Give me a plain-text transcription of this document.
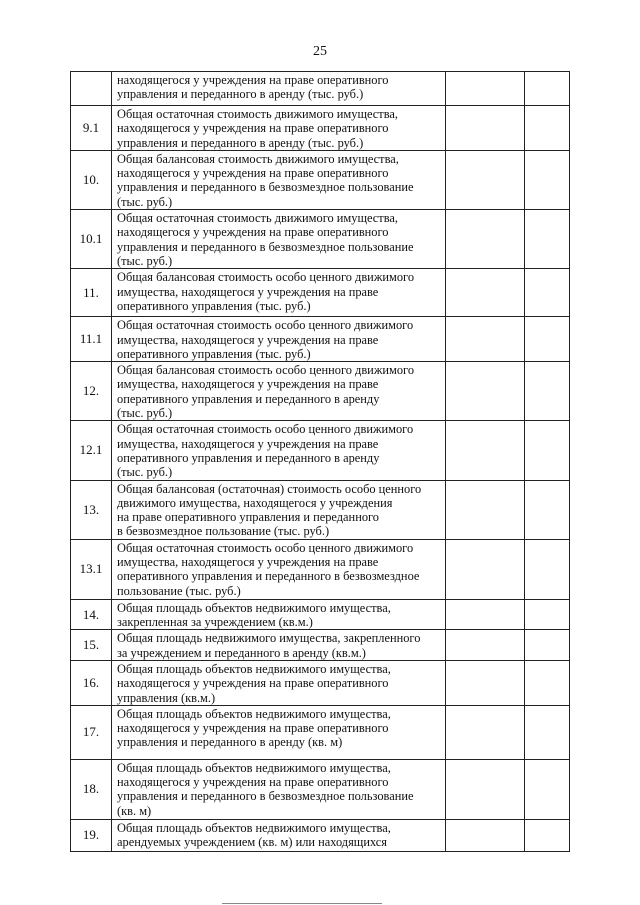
25

	находящегося у учреждения на праве оперативного
управления и переданного в аренду (тыс. руб.)		

9.1	Общая остаточная стоимость движимого имущества,
находящегося у учреждения на праве оперативного
управления и переданного в аренду (тыс. руб.)		

10.	Общая балансовая стоимость движимого имущества,
находящегося у учреждения на праве оперативного
управления и переданного в безвозмездное пользование
(тыс. руб.)		

10.1	Общая остаточная стоимость движимого имущества,
находящегося у учреждения на праве оперативного
управления и переданного в безвозмездное пользование
(тыс. руб.)		

11.	Общая балансовая стоимость особо ценного движимого
имущества, находящегося у учреждения на праве
оперативного управления (тыс. руб.)		

11.1	Общая остаточная стоимость особо ценного движимого
имущества, находящегося у учреждения на праве
оперативного управления (тыс. руб.)		

12.	Общая балансовая стоимость особо ценного движимого
имущества, находящегося у учреждения на праве
оперативного управления и переданного в аренду
(тыс. руб.)		

12.1	Общая остаточная стоимость особо ценного движимого
имущества, находящегося у учреждения на праве
оперативного управления и переданного в аренду
(тыс. руб.)		

13.	Общая балансовая (остаточная) стоимость особо ценного
движимого имущества, находящегося у учреждения
на праве оперативного управления и переданного
в безвозмездное пользование (тыс. руб.)		

13.1	Общая остаточная стоимость особо ценного движимого
имущества, находящегося у учреждения на праве
оперативного управления и переданного в безвозмездное
пользование (тыс. руб.)		

14.	Общая площадь объектов недвижимого имущества,
закрепленная за учреждением (кв.м.)		

15.	Общая площадь недвижимого имущества, закрепленного
за учреждением и переданного в аренду (кв.м.)		

16.	Общая площадь объектов недвижимого имущества,
находящегося у учреждения на праве оперативного
управления (кв.м.)		

17.	Общая площадь объектов недвижимого имущества,
находящегося у учреждения на праве оперативного
управления и переданного в аренду (кв. м)		

18.	Общая площадь объектов недвижимого имущества,
находящегося у учреждения на праве оперативного
управления и переданного в безвозмездное пользование
(кв. м)		

19.	Общая площадь объектов недвижимого имущества,
арендуемых учреждением (кв. м) или находящихся		
